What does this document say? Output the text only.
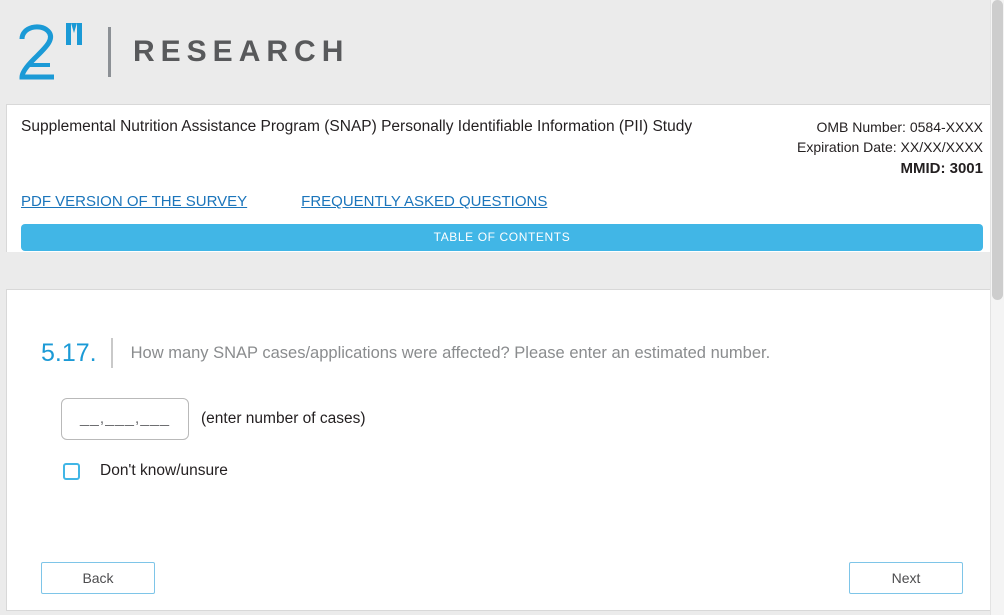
RESEARCH
Supplemental Nutrition Assistance Program (SNAP) Personally Identifiable Information (PII) Study	OMB Number: 0584-XXXX
Expiration Date: XX/XX/XXXX
MMID: 3001
PDF VERSION OF THE SURVEY	FREQUENTLY ASKED QUESTIONS
TABLE OF CONTENTS
5.17. How many SNAP cases/applications were affected? Please enter an estimated number.
__,___,___
(enter number of cases)
Don't know/unsure
Back	Next
